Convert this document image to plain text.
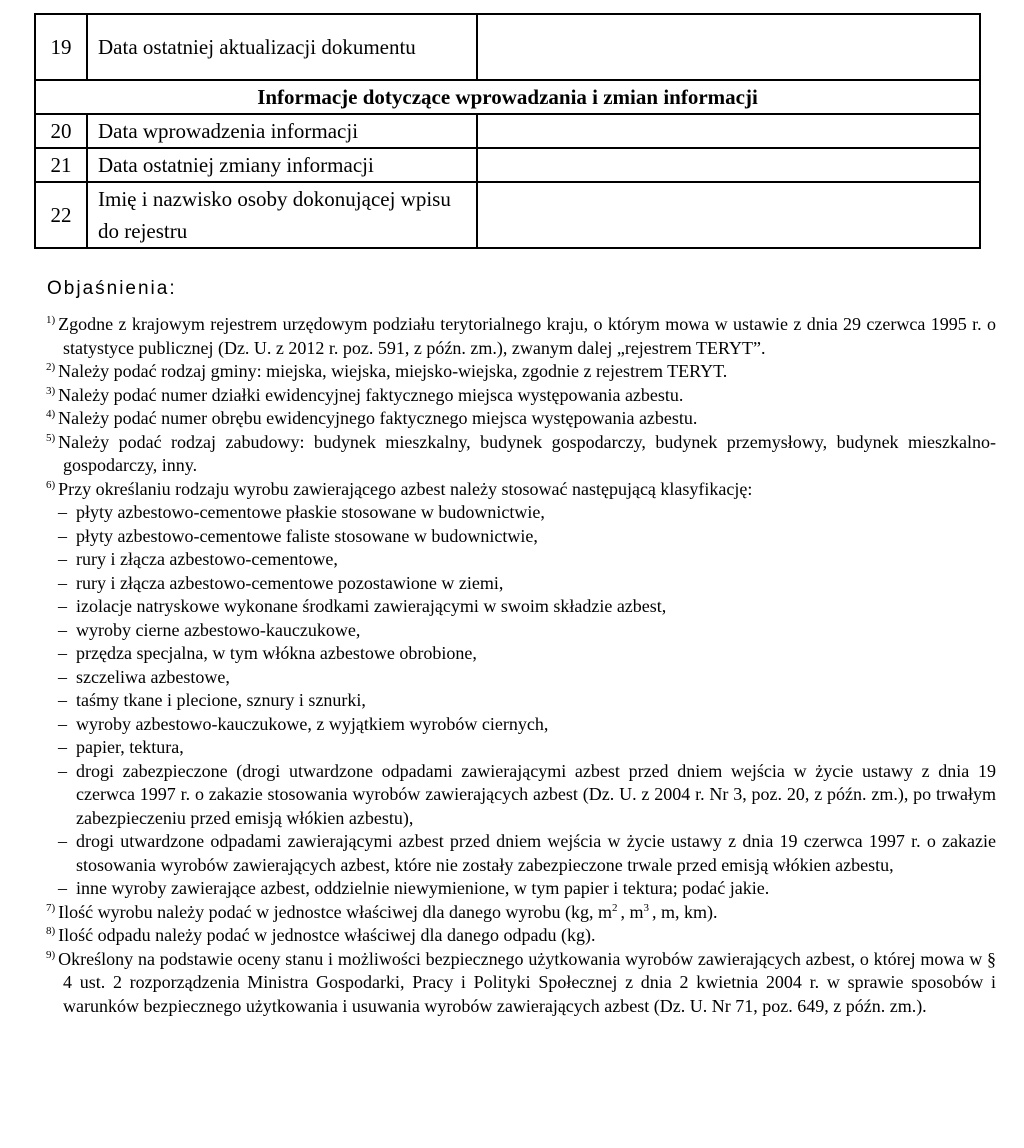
19	Data ostatniej aktualizacji dokumentu	
Informacje dotyczące wprowadzania i zmian informacji		
20	Data wprowadzenia informacji	
21	Data ostatniej zmiany informacji	
22	Imię i nazwisko osoby dokonującej wpisu do rejestru	
Objaśnienia:
$^{1)}$ Zgodne z krajowym rejestrem urzędowym podziału terytorialnego kraju, o którym mowa w ustawie z dnia 29 czerwca 1995 r. o statystyce publicznej (Dz. U. z 2012 r. poz. 591, z późn. zm.), zwanym dalej „rejestrem TERYT”.
$^{2)}$ Należy podać rodzaj gminy: miejska, wiejska, miejsko-wiejska, zgodnie z rejestrem TERYT.
$^{3)}$ Należy podać numer działki ewidencyjnej faktycznego miejsca występowania azbestu.
$^{4)}$ Należy podać numer obrębu ewidencyjnego faktycznego miejsca występowania azbestu.
$^{5)}$ Należy podać rodzaj zabudowy: budynek mieszkalny, budynek gospodarczy, budynek przemysłowy, budynek mieszkalno-gospodarczy, inny.
$^{6)}$ Przy określaniu rodzaju wyrobu zawierającego azbest należy stosować następującą klasyfikację:
– płyty azbestowo-cementowe płaskie stosowane w budownictwie,
– płyty azbestowo-cementowe faliste stosowane w budownictwie,
– rury i złącza azbestowo-cementowe,
– rury i złącza azbestowo-cementowe pozostawione w ziemi,
– izolacje natryskowe wykonane środkami zawierającymi w swoim składzie azbest,
– wyroby cierne azbestowo-kauczukowe,
– przędza specjalna, w tym włókna azbestowe obrobione,
– szczeliwa azbestowe,
– taśmy tkane i plecione, sznury i sznurki,
– wyroby azbestowo-kauczukowe, z wyjątkiem wyrobów ciernych,
– papier, tektura,
– drogi zabezpieczone (drogi utwardzone odpadami zawierającymi azbest przed dniem wejścia w życie ustawy z dnia 19 czerwca 1997 r. o zakazie stosowania wyrobów zawierających azbest (Dz. U. z 2004 r. Nr 3, poz. 20, z późn. zm.), po trwałym zabezpieczeniu przed emisją włókien azbestu),
– drogi utwardzone odpadami zawierającymi azbest przed dniem wejścia w życie ustawy z dnia 19 czerwca 1997 r. o zakazie stosowania wyrobów zawierających azbest, które nie zostały zabezpieczone trwale przed emisją włókien azbestu,
– inne wyroby zawierające azbest, oddzielnie niewymienione, w tym papier i tektura; podać jakie.
$^{7)}$ Ilość wyrobu należy podać w jednostce właściwej dla danego wyrobu (kg, $m^2$ , $m^3$ , m, km).
$^{8)}$ Ilość odpadu należy podać w jednostce właściwej dla danego odpadu (kg).
$^{9)}$ Określony na podstawie oceny stanu i możliwości bezpiecznego użytkowania wyrobów zawierających azbest, o której mowa w § 4 ust. 2 rozporządzenia Ministra Gospodarki, Pracy i Polityki Społecznej z dnia 2 kwietnia 2004 r. w sprawie sposobów i warunków bezpiecznego użytkowania i usuwania wyrobów zawierających azbest (Dz. U. Nr 71, poz. 649, z późn. zm.).
